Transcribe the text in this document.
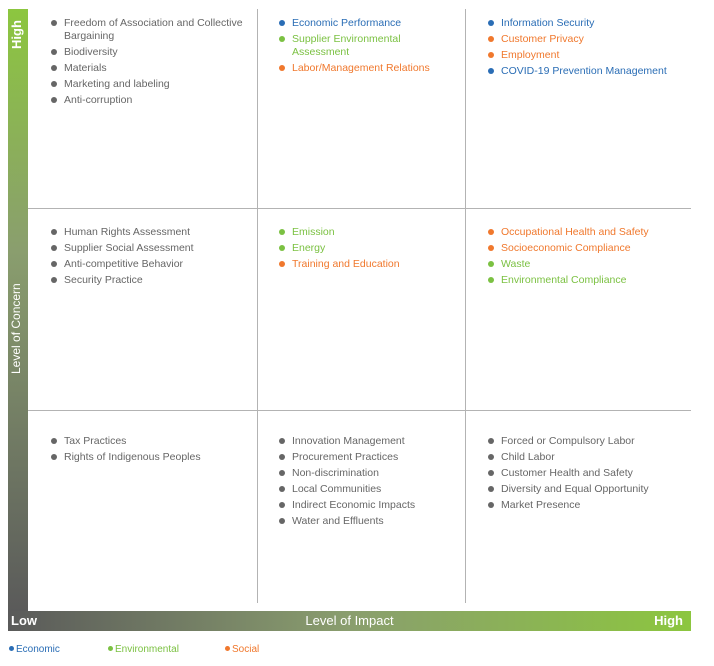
High
Level of Concern
Freedom of Association and Collective Bargaining
Biodiversity
Materials
Marketing and labeling
Anti-corruption
Economic Performance
Supplier Environmental Assessment
Labor/Management Relations
Information Security
Customer Privacy
Employment
COVID-19 Prevention Management
Human Rights Assessment
Supplier Social Assessment
Anti-competitive Behavior
Security Practice
Emission
Energy
Training and Education
Occupational Health and Safety
Socioeconomic Compliance
Waste
Environmental Compliance
Tax Practices
Rights of Indigenous Peoples
Innovation Management
Procurement Practices
Non-discrimination
Local Communities
Indirect Economic Impacts
Water and Effluents
Forced or Compulsory Labor
Child Labor
Customer Health and Safety
Diversity and Equal Opportunity
Market Presence
Low	Level of Impact	High
Economic	Environmental	Social
